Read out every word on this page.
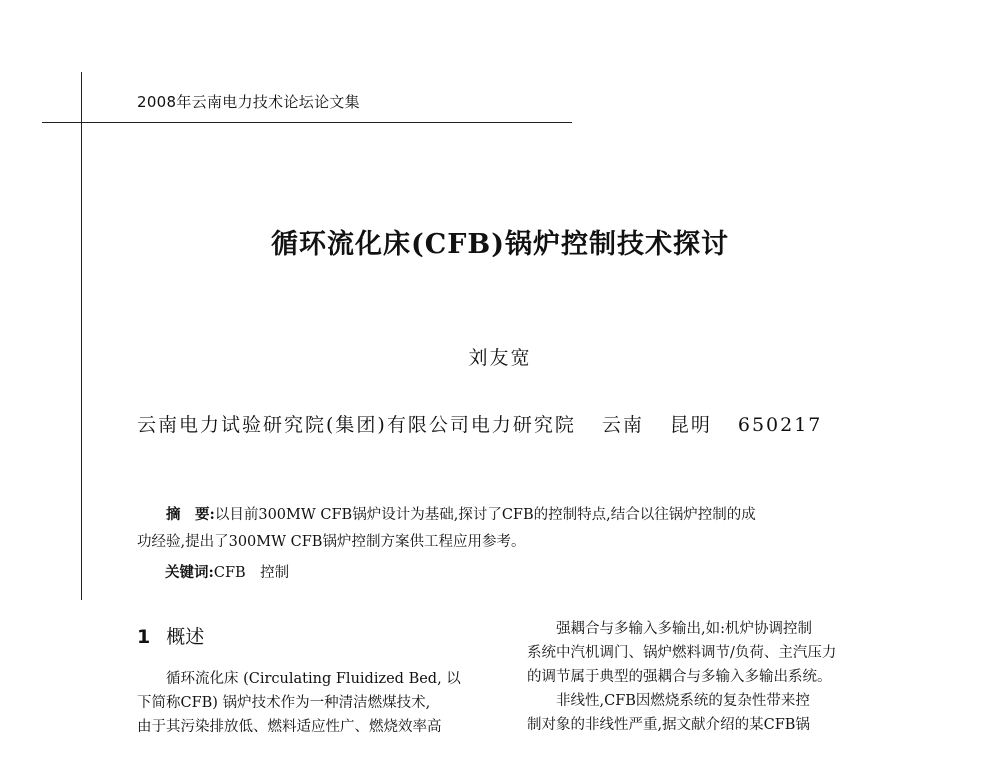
2008年云南电力技术论坛论文集
循环流化床(CFB)锅炉控制技术探讨
刘友宽
云南电力试验研究院(集团)有限公司电力研究院 云南 昆明 650217

摘　要:以目前300MW CFB锅炉设计为基础,探讨了CFB的控制特点,结合以往锅炉控制的成

功经验,提出了300MW CFB锅炉控制方案供工程应用参考。

关键词:CFB　控制
1 概述

循环流化床 (Circulating Fluidized Bed, 以

下简称CFB) 锅炉技术作为一种清洁燃煤技术,

由于其污染排放低、燃料适应性广、燃烧效率高

强耦合与多输入多输出,如:机炉协调控制

系统中汽机调门、锅炉燃料调节/负荷、主汽压力

的调节属于典型的强耦合与多输入多输出系统。

非线性,CFB因燃烧系统的复杂性带来控

制对象的非线性严重,据文献介绍的某CFB锅
